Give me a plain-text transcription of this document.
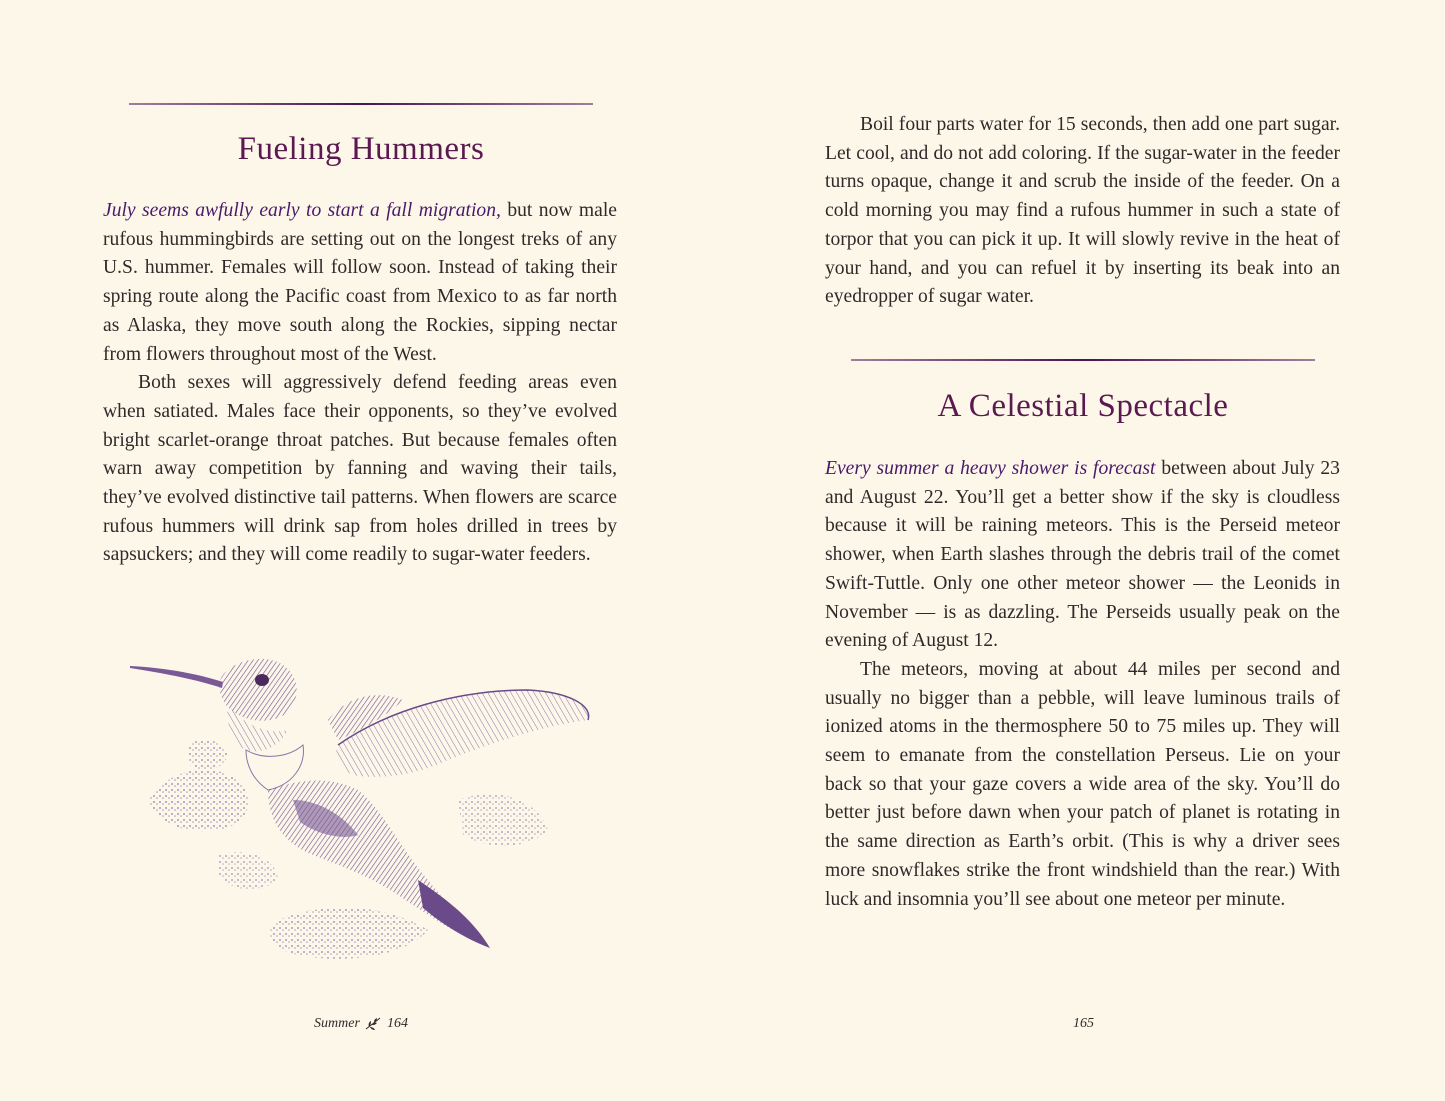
Fueling Hummers

July seems awfully early to start a fall migration, but now male rufous hummingbirds are setting out on the longest treks of any U.S. hummer. Females will follow soon. Instead of taking their spring route along the Pacific coast from Mexico to as far north as Alaska, they move south along the Rockies, sipping nectar from flowers throughout most of the West.

Both sexes will aggressively defend feeding areas even when satiated. Males face their opponents, so they’ve evolved bright scarlet-orange throat patches. But because females often warn away competition by fanning and waving their tails, they’ve evolved distinctive tail patterns. When flowers are scarce rufous hummers will drink sap from holes drilled in trees by sapsuckers; and they will come readily to sugar-water feeders.

Summer 164

Boil four parts water for 15 seconds, then add one part sugar. Let cool, and do not add coloring. If the sugar-water in the feeder turns opaque, change it and scrub the inside of the feeder. On a cold morning you may find a rufous hummer in such a state of torpor that you can pick it up. It will slowly revive in the heat of your hand, and you can refuel it by inserting its beak into an eyedropper of sugar water.

A Celestial Spectacle

Every summer a heavy shower is forecast between about July 23 and August 22. You’ll get a better show if the sky is cloudless because it will be raining meteors. This is the Perseid meteor shower, when Earth slashes through the debris trail of the comet Swift-Tuttle. Only one other meteor shower — the Leonids in November — is as dazzling. The Perseids usually peak on the evening of August 12.

The meteors, moving at about 44 miles per second and usually no bigger than a pebble, will leave luminous trails of ionized atoms in the thermosphere 50 to 75 miles up. They will seem to emanate from the constellation Perseus. Lie on your back so that your gaze covers a wide area of the sky. You’ll do better just before dawn when your patch of planet is rotating in the same direction as Earth’s orbit. (This is why a driver sees more snowflakes strike the front windshield than the rear.) With luck and insomnia you’ll see about one meteor per minute.

165
